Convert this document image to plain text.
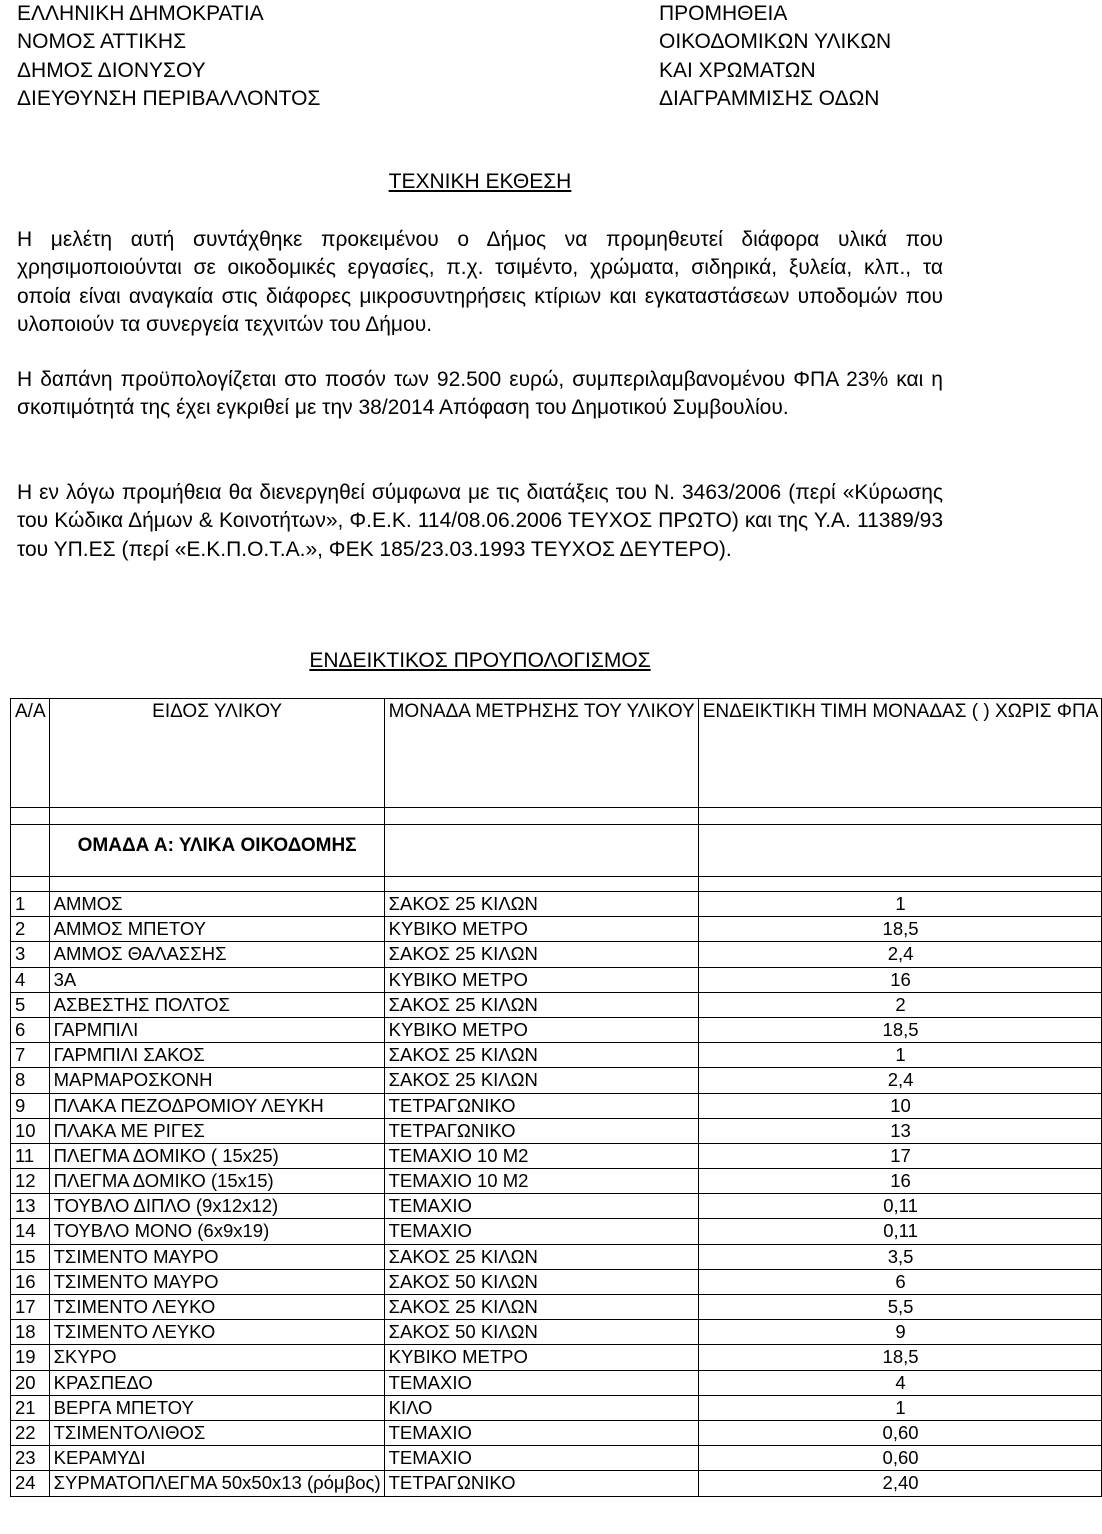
ΕΛΛΗΝΙΚΗ ΔΗΜΟΚΡΑΤΙΑ
ΝΟΜΟΣ ΑΤΤΙΚΗΣ
ΔΗΜΟΣ ΔΙΟΝΥΣΟΥ
ΔΙΕΥΘΥΝΣΗ ΠΕΡΙΒΑΛΛΟΝΤΟΣ
ΠΡΟΜΗΘΕΙΑ
ΟΙΚΟΔΟΜΙΚΩΝ ΥΛΙΚΩΝ
ΚΑΙ ΧΡΩΜΑΤΩΝ
ΔΙΑΓΡΑΜΜΙΣΗΣ ΟΔΩΝ
ΤΕΧΝΙΚΗ ΕΚΘΕΣΗ
Η μελέτη αυτή συντάχθηκε προκειμένου ο Δήμος να προμηθευτεί διάφορα υλικά που χρησιμοποιούνται σε οικοδομικές εργασίες, π.χ. τσιμέντο, χρώματα, σιδηρικά, ξυλεία, κλπ., τα οποία είναι αναγκαία στις διάφορες μικροσυντηρήσεις κτίριων και εγκαταστάσεων υποδομών που υλοποιούν τα συνεργεία τεχνιτών του Δήμου.
Η δαπάνη προϋπολογίζεται στο ποσόν των 92.500 ευρώ, συμπεριλαμβανομένου ΦΠΑ 23% και η σκοπιμότητά της έχει εγκριθεί με την 38/2014 Απόφαση του Δημοτικού Συμβουλίου.
Η εν λόγω προμήθεια θα διενεργηθεί σύμφωνα με τις διατάξεις του Ν. 3463/2006 (περί «Κύρωσης του Κώδικα Δήμων & Κοινοτήτων», Φ.Ε.Κ. 114/08.06.2006 ΤΕΥΧΟΣ ΠΡΩΤΟ) και της Υ.Α. 11389/93 του ΥΠ.ΕΣ (περί «Ε.Κ.Π.Ο.Τ.Α.», ΦΕΚ 185/23.03.1993 ΤΕΥΧΟΣ ΔΕΥΤΕΡΟ).
ΕΝΔΕΙΚΤΙΚΟΣ ΠΡΟΥΠΟΛΟΓΙΣΜΟΣ
Α/Α	ΕΙΔΟΣ ΥΛΙΚΟΥ	ΜΟΝΑΔΑ ΜΕΤΡΗΣΗΣ ΤΟΥ ΥΛΙΚΟΥ	ΕΝΔΕΙΚΤΙΚΗ ΤΙΜΗ ΜΟΝΑΔΑΣ ( ) ΧΩΡΙΣ ΦΠΑ

	ΟΜΑΔΑ Α: ΥΛΙΚΑ ΟΙΚΟΔΟΜΗΣ		

1	ΑΜΜΟΣ	ΣΑΚΟΣ 25 ΚΙΛΩΝ	1
2	ΑΜΜΟΣ ΜΠΕΤΟΥ	ΚΥΒΙΚΟ ΜΕΤΡΟ	18,5
3	ΑΜΜΟΣ ΘΑΛΑΣΣΗΣ	ΣΑΚΟΣ 25 ΚΙΛΩΝ	2,4
4	3Α	ΚΥΒΙΚΟ ΜΕΤΡΟ	16
5	ΑΣΒΕΣΤΗΣ ΠΟΛΤΟΣ	ΣΑΚΟΣ 25 ΚΙΛΩΝ	2
6	ΓΑΡΜΠΙΛΙ	ΚΥΒΙΚΟ ΜΕΤΡΟ	18,5
7	ΓΑΡΜΠΙΛΙ ΣΑΚΟΣ	ΣΑΚΟΣ 25 ΚΙΛΩΝ	1
8	ΜΑΡΜΑΡΟΣΚΟΝΗ	ΣΑΚΟΣ 25 ΚΙΛΩΝ	2,4
9	ΠΛΑΚΑ ΠΕΖΟΔΡΟΜΙΟΥ ΛΕΥΚΗ	ΤΕΤΡΑΓΩΝΙΚΟ	10
10	ΠΛΑΚΑ ΜΕ ΡΙΓΕΣ	ΤΕΤΡΑΓΩΝΙΚΟ	13
11	ΠΛΕΓΜΑ ΔΟΜΙΚΟ ( 15x25)	ΤΕΜΑΧΙΟ 10 Μ2	17
12	ΠΛΕΓΜΑ ΔΟΜΙΚΟ (15x15)	ΤΕΜΑΧΙΟ 10 Μ2	16
13	ΤΟΥΒΛΟ ΔΙΠΛΟ (9x12x12)	ΤΕΜΑΧΙΟ	0,11
14	ΤΟΥΒΛΟ ΜΟΝΟ (6x9x19)	ΤΕΜΑΧΙΟ	0,11
15	ΤΣΙΜΕΝΤΟ ΜΑΥΡΟ	ΣΑΚΟΣ 25 ΚΙΛΩΝ	3,5
16	ΤΣΙΜΕΝΤΟ ΜΑΥΡΟ	ΣΑΚΟΣ 50 ΚΙΛΩΝ	6
17	ΤΣΙΜΕΝΤΟ ΛΕΥΚΟ	ΣΑΚΟΣ 25 ΚΙΛΩΝ	5,5
18	ΤΣΙΜΕΝΤΟ ΛΕΥΚΟ	ΣΑΚΟΣ 50 ΚΙΛΩΝ	9
19	ΣΚΥΡΟ	ΚΥΒΙΚΟ ΜΕΤΡΟ	18,5
20	ΚΡΑΣΠΕΔΟ	ΤΕΜΑΧΙΟ	4
21	ΒΕΡΓΑ ΜΠΕΤΟΥ	ΚΙΛΟ	1
22	ΤΣΙΜΕΝΤΟΛΙΘΟΣ	ΤΕΜΑΧΙΟ	0,60
23	ΚΕΡΑΜΥΔΙ	ΤΕΜΑΧΙΟ	0,60
24	ΣΥΡΜΑΤΟΠΛΕΓΜΑ 50x50x13 (ρόμβος)	ΤΕΤΡΑΓΩΝΙΚΟ	2,40
